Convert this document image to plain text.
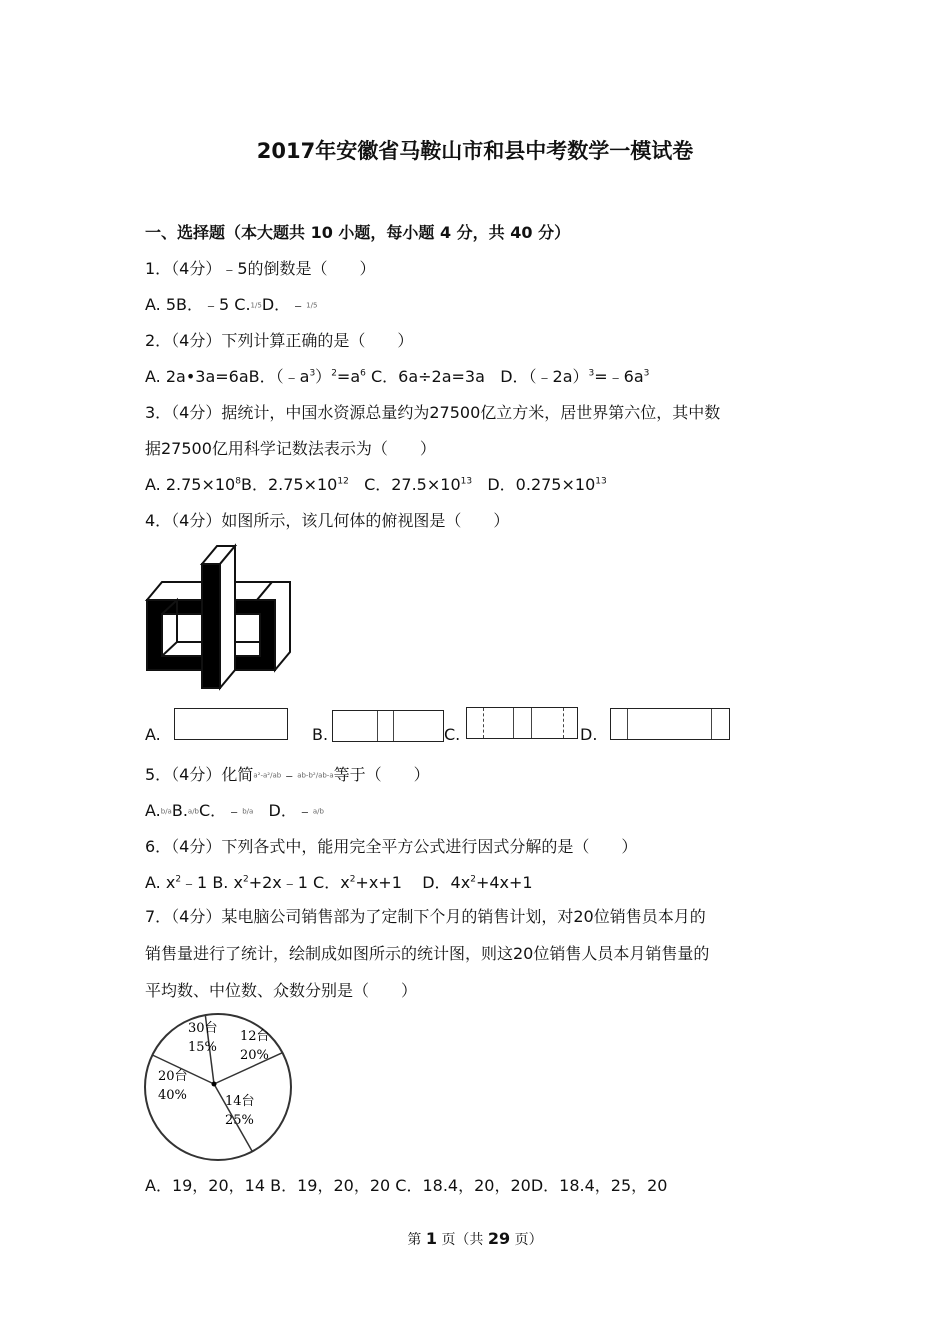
2017年安徽省马鞍山市和县中考数学一模试卷
一、选择题（本大题共 10 小题，每小题 4 分，共 40 分）
1．（4分）﹣5的倒数是（　　）
A. 5B．﹣5 C.1/5D．﹣1/5
2．（4分）下列计算正确的是（　　）
A. 2a•3a=6aB．$(﹣a^3)^2=a^6$ C．6a÷2a=3a D．$(﹣2a)^3=﹣6a^3$
3．（4分）据统计，中国水资源总量约为27500亿立方米，居世界第六位，其中数
据27500亿用科学记数法表示为（　　）
A. $2.75\times 10^8B$．$2.75\times 10^{12}$ C．$27.5\times 10^{13}$ D．$0.275\times 10^{13}$
4．（4分）如图所示，该几何体的俯视图是（　　）
A.	B.	C.	D.
5．（4分）化简a²-a²/ab﹣ab-b²/ab-a等于（　　）
A.b/aB.a/bC．﹣b/a D．﹣a/b
6．（4分）下列各式中，能用完全平方公式进行因式分解的是（　　）
A. $x^2﹣1$ B. $x^2+2x﹣1$ C．$x^2+x+1$ D．$4x^2+4x+1$
7．（4分）某电脑公司销售部为了定制下个月的销售计划，对20位销售员本月的
销售量进行了统计，绘制成如图所示的统计图，则这20位销售人员本月销售量的
平均数、中位数、众数分别是（　　）
12台
20%
14台
25%
20台
40%
30台
15%
A．19，20，14 B．19，20，20 C．18.4，20，20D．18.4，25，20
第 1 页（共 29 页）
